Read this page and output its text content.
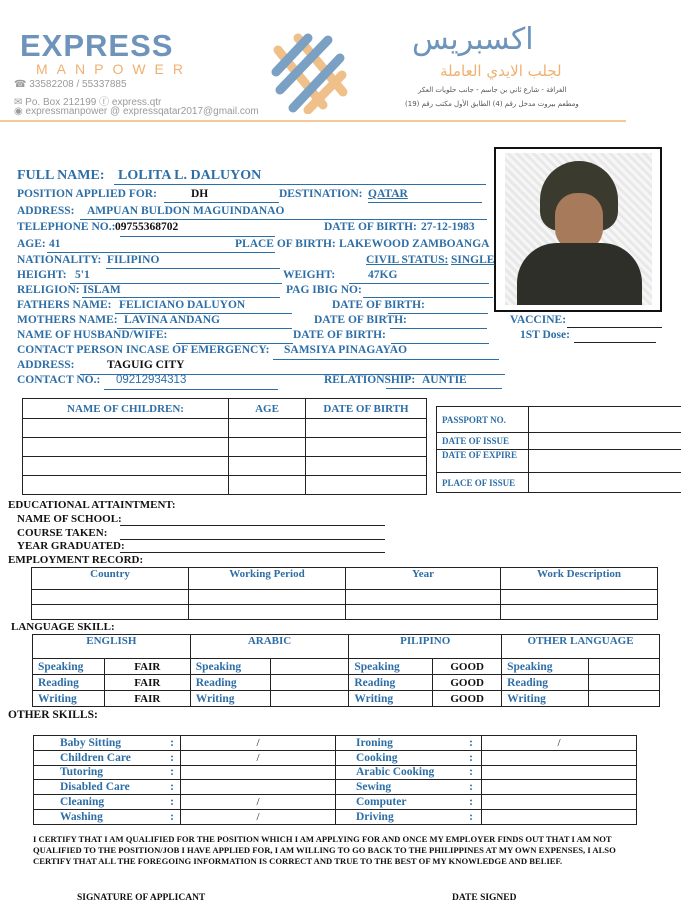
EXPRESS
MANPOWER
☎ 33582208 / 55337885
✉ Po. Box 212199 ⓕ express.qtr
◉ expressmanpower @ expressqatar2017@gmail.com
اكسبريس
لجلب الايدي العاملة
الغرافة - شارع ثاني بن جاسم - جانب حلويات العكر
ومطعم بيروت مدخل رقم (4) الطابق الأول مكتب رقم (19)
FULL NAME: LOLITA L. DALUYON
POSITION APPLIED FOR:	DH	DESTINATION: QATAR
ADDRESS: AMPUAN BULDON MAGUINDANAO
TELEPHONE NO.: 09755368702	DATE OF BIRTH: 27-12-1983
AGE: 41	PLACE OF BIRTH: LAKEWOOD ZAMBOANGA
NATIONALITY: FILIPINO	CIVIL STATUS: SINGLE
HEIGHT: 5'1	WEIGHT:	47KG
RELIGION: ISLAM	PAG IBIG NO:
FATHERS NAME: FELICIANO DALUYON	DATE OF BIRTH:
MOTHERS NAME: LAVINA ANDANG	DATE OF BIRTH:	VACCINE:
NAME OF HUSBAND/WIFE:	DATE OF BIRTH:	1ST Dose:
CONTACT PERSON INCASE OF EMERGENCY: SAMSIYA PINAGAYAO
ADDRESS:	TAGUIG CITY
CONTACT NO.: 09212934313	RELATIONSHIP: AUNTIE
NAME OF CHILDREN:	AGE	DATE OF BIRTH

PASSPORT NO.	
DATE OF ISSUE	
DATE OF EXPIRE	
PLACE OF ISSUE	
EDUCATIONAL ATTAINTMENT:
NAME OF SCHOOL:
COURSE TAKEN:
YEAR GRADUATED:
EMPLOYMENT RECORD:
Country	Working Period	Year	Work Description

LANGUAGE SKILL:
ENGLISH		ARABIC		PILIPINO		OTHER LANGUAGE	
Speaking	FAIR	Speaking		Speaking	GOOD	Speaking	
Reading	FAIR	Reading		Reading	GOOD	Reading	
Writing	FAIR	Writing		Writing	GOOD	Writing	
OTHER SKILLS:
Baby Sitting :	/	Ironing :	/
Children Care :	/	Cooking :	

Tutoring :		Arabic Cooking :	

Disabled Care :		Sewing :	

Cleaning :	/	Computer :	

Washing :	/	Driving :	

I CERTIFY THAT I AM QUALIFIED FOR THE POSITION WHICH I AM APPLYING FOR AND ONCE MY EMPLOYER FINDS OUT THAT I AM NOT QUALIFIED TO THE POSITION/JOB I HAVE APPLIED FOR, I AM WILLING TO GO BACK TO THE PHILIPPINES AT MY OWN EXPENSES, I ALSO CERTIFY THAT ALL THE FOREGOING INFORMATION IS CORRECT AND TRUE TO THE BEST OF MY KNOWLEDGE AND BELIEF.
SIGNATURE OF APPLICANT	DATE SIGNED
